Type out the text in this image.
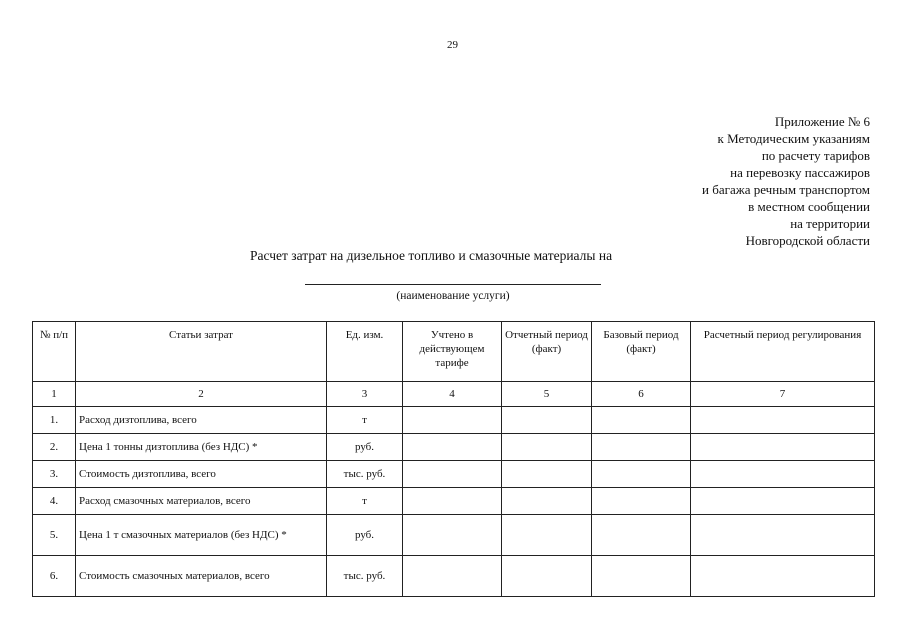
29
Приложение № 6
к Методическим указаниям
по расчету тарифов
на перевозку пассажиров
и багажа речным транспортом
в местном сообщении
на территории
Новгородской области
Расчет затрат на дизельное топливо и смазочные материалы на
(наименование услуги)
№ п/п	Статьи затрат	Ед. изм.	Учтено в действующем тарифе	Отчетный период (факт)	Базовый период (факт)	Расчетный период регулирования
1	2	3	4	5	6	7
1.	Расход дизтоплива, всего	т				
2.	Цена 1 тонны дизтоплива (без НДС) *	руб.				
3.	Стоимость дизтоплива, всего	тыс. руб.				
4.	Расход смазочных материалов, всего	т				
5.	Цена 1 т смазочных материалов (без НДС) *	руб.				
6.	Стоимость смазочных материалов, всего	тыс. руб.				
